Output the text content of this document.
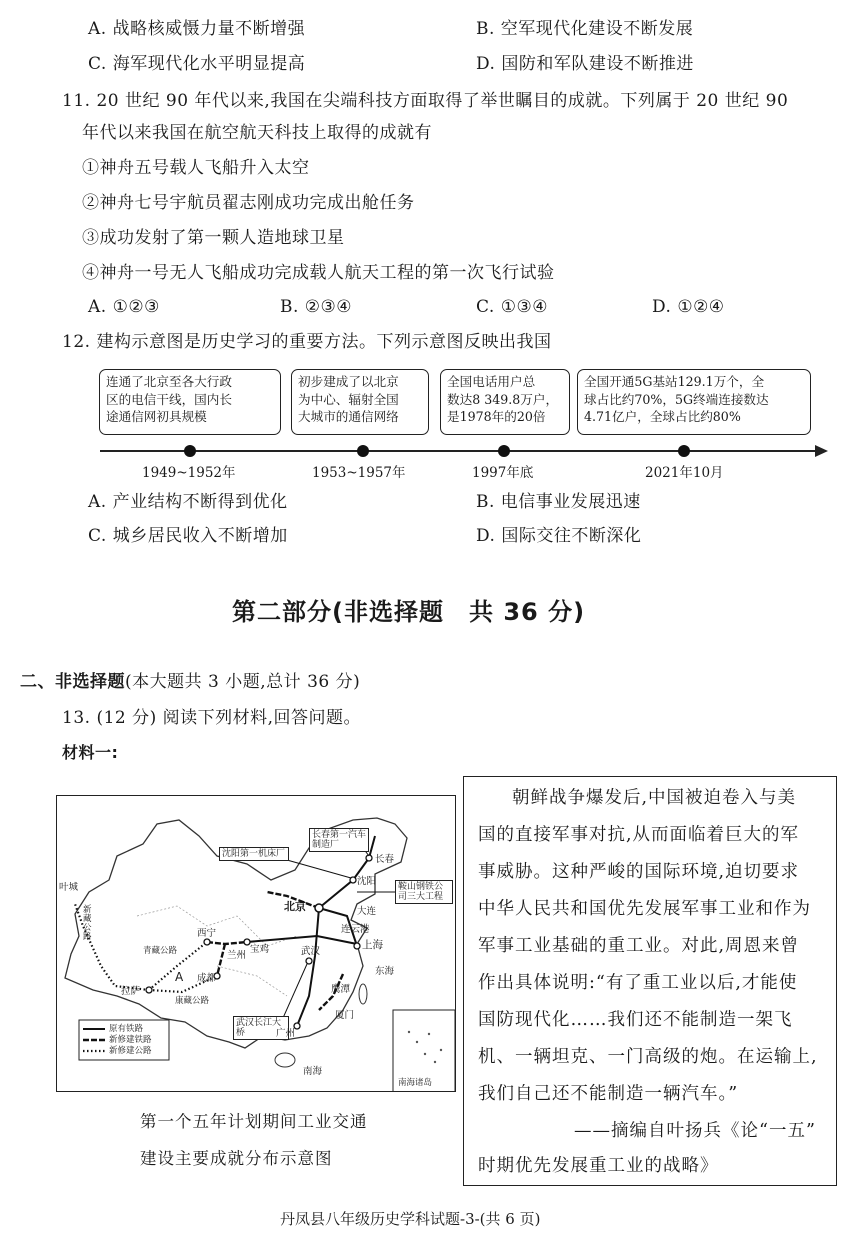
A. 战略核威慑力量不断增强	B. 空军现代化建设不断发展
C. 海军现代化水平明显提高	D. 国防和军队建设不断推进
11. 20 世纪 90 年代以来,我国在尖端科技方面取得了举世瞩目的成就。下列属于 20 世纪 90
年代以来我国在航空航天科技上取得的成就有
①神舟五号载人飞船升入太空
②神舟七号宇航员翟志刚成功完成出舱任务
③成功发射了第一颗人造地球卫星
④神舟一号无人飞船成功完成载人航天工程的第一次飞行试验
A. ①②③	B. ②③④	C. ①③④	D. ①②④
12. 建构示意图是历史学习的重要方法。下列示意图反映出我国
连通了北京至各大行政
区的电信干线，国内长
途通信网初具规模
初步建成了以北京
为中心、辐射全国
大城市的通信网络
全国电话用户总
数达8 349.8万户，
是1978年的20倍
全国开通5G基站129.1万个，全
球占比约70%，5G终端连接数达
4.71亿户，全球占比约80%
1949~1952年	1953~1957年	1997年底	2021年10月
A. 产业结构不断得到优化	B. 电信事业发展迅速
C. 城乡居民收入不断增加	D. 国际交往不断深化
第二部分(非选择题　共 36 分)
二、非选择题(本大题共 3 小题,总计 36 分)
13. (12 分) 阅读下列材料,回答问题。
材料一:
长春第一汽车制造厂
沈阳第一机床厂
鞍山钢铁公司三大工程
武汉长江大桥
北京
上海
成都
拉萨
广州
西宁
宝鸡
兰州	武汉
叶城
长春
沈阳
大连
连云港
厦门
鹰潭
A
新藏公路
青藏公路
康藏公路
东海
南海
南海诸岛
原有铁路
新修建铁路
新修建公路
第一个五年计划期间工业交通
建设主要成就分布示意图
朝鲜战争爆发后,中国被迫卷入与美
国的直接军事对抗,从而面临着巨大的军
事威胁。这种严峻的国际环境,迫切要求
中华人民共和国优先发展军事工业和作为
军事工业基础的重工业。对此,周恩来曾
作出具体说明:“有了重工业以后,才能使
国防现代化……我们还不能制造一架飞
机、一辆坦克、一门高级的炮。在运输上,
我们自己还不能制造一辆汽车。”
——摘编自叶扬兵《论“一五”
时期优先发展重工业的战略》
丹凤县八年级历史学科试题-3-(共 6 页)
